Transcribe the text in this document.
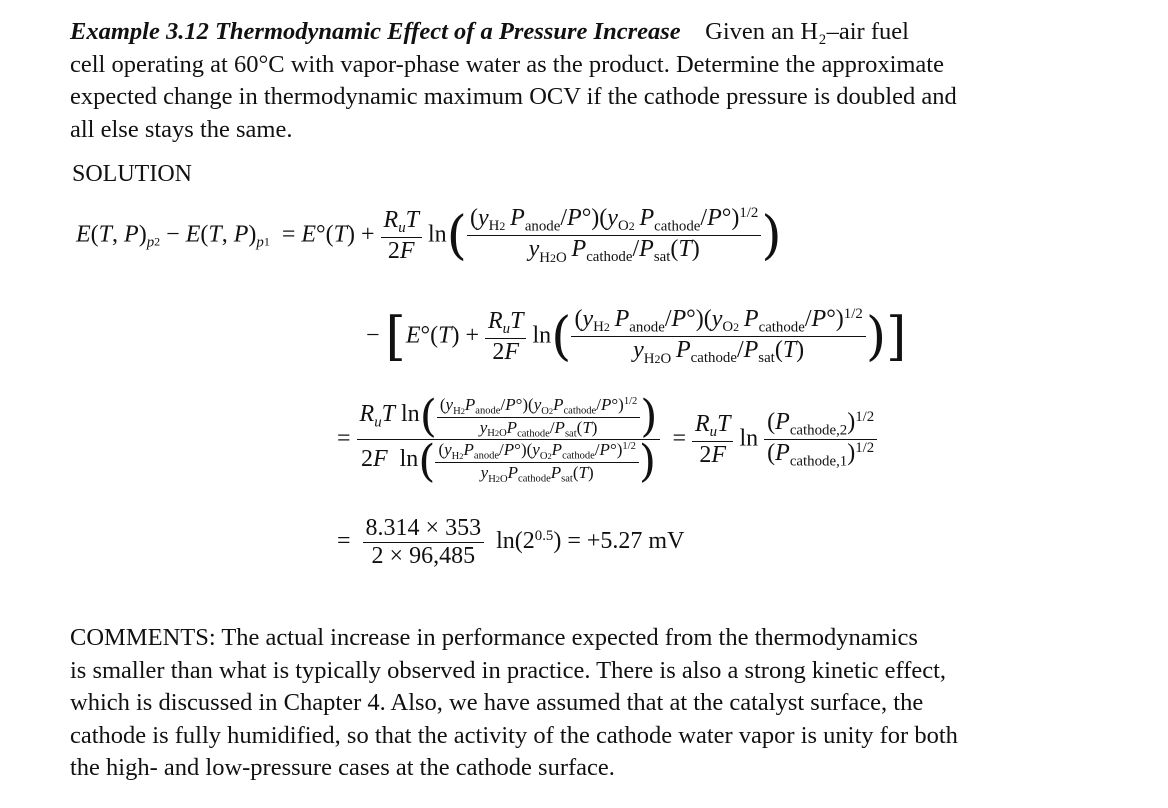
Example 3.12 Thermodynamic Effect of a Pressure Increase Given an H₂–air fuel
cell operating at 60°C with vapor-phase water as the product. Determine the approximate
expected change in thermodynamic maximum OCV if the cathode pressure is doubled and
all else stays the same.
SOLUTION
E(T, $P)_{p2} - E(T$, $P)_{p1} = E^\circ(T) + \frac{R_uT}{2F} \ln( \frac{(y_{H2} P_{anode}/P^\circ)(y_{O2} P_{cathode}/P^\circ)^{1/2}}{y_{H2O} P_{cathode}/P_{sat}(T)}$ )
− [$E^\circ(T) + \frac{R_uT}{2F} \ln( \frac{(y_{H2} P_{anode}/P^\circ)(y_{O2} P_{cathode}/P^\circ)^{1/2}}{y_{H2O} P_{cathode}/P_{sat}(T)}$ )]
=
$R_uT$ $\ln( \frac{(y_{H2}P_{anode}/P^\circ)(y_{O2}P_{cathode}/P^\circ)^{1/2}}{y_{H2O}P_{cathode}/P_{sat}(T)}$ )
2F  $\ln( \frac{(y_{H2}P_{anode}/P^\circ)(y_{O2}P_{cathode}/P^\circ)^{1/2}}{y_{H2O}P_{cathode}P_{sat}(T)}$ ) = $\frac{R_uT}{2F}$ $\ln \frac{(P_{cathode,2})^{1/2}}{(P_{cathode,1})^{1/2}}$
= $\frac{8.314 \times 353}{2 \times 96,485} \ln(2^{0.5}) = +5.27$ mV
COMMENTS: The actual increase in performance expected from the thermodynamics
is smaller than what is typically observed in practice. There is also a strong kinetic effect,
which is discussed in Chapter 4. Also, we have assumed that at the catalyst surface, the
cathode is fully humidified, so that the activity of the cathode water vapor is unity for both
the high- and low-pressure cases at the cathode surface.
